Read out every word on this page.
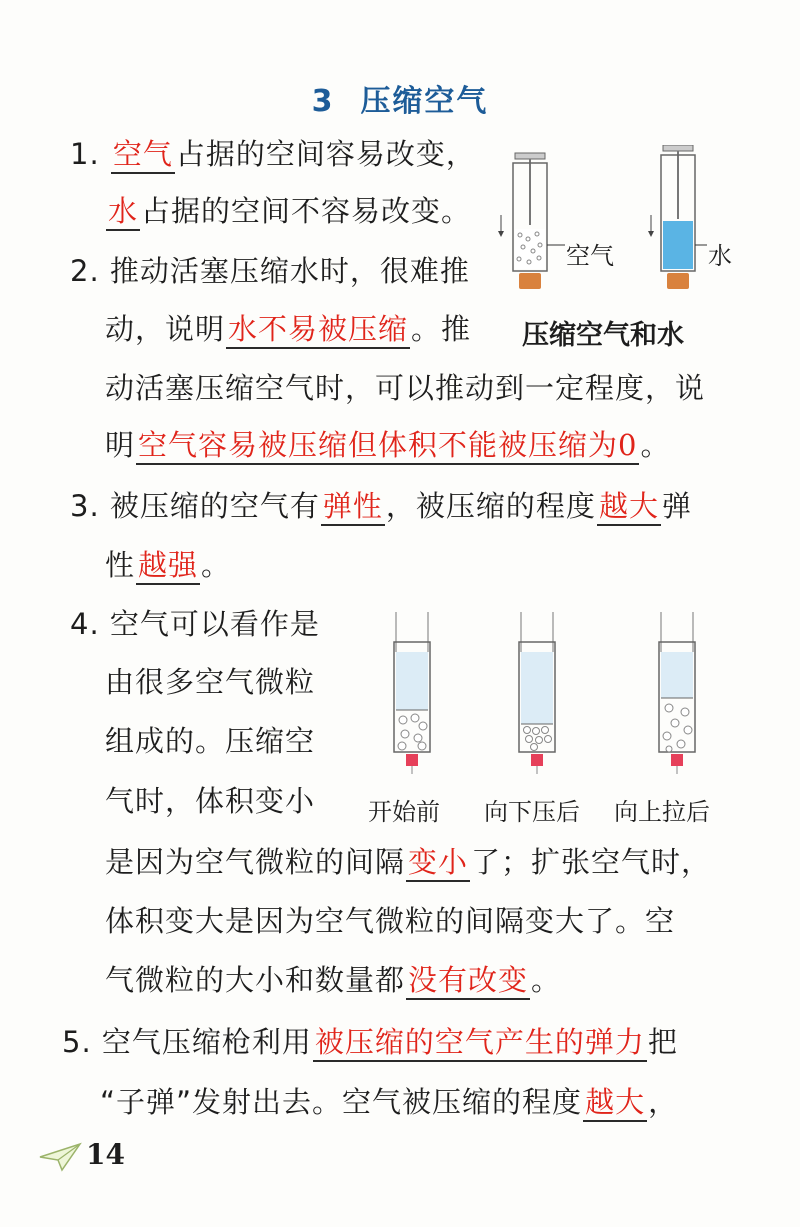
3 压缩空气
1. 空气 占据的空间容易改变，
水 占据的空间不容易改变。
2. 推动活塞压缩水时，很难推
动，说明 水不易被压缩 。推
动活塞压缩空气时，可以推动到一定程度，说
明 空气容易被压缩但体积不能被压缩为0 。
空气	水
压缩空气和水
3. 被压缩的空气有 弹性 ，被压缩的程度 越大 弹
性 越强 。
4. 空气可以看作是
由很多空气微粒
组成的。压缩空
气时，体积变小
是因为空气微粒的间隔 变小 了；扩张空气时，
体积变大是因为空气微粒的间隔变大了。空
气微粒的大小和数量都 没有改变 。
开始前 向下压后 向上拉后
5. 空气压缩枪利用 被压缩的空气产生的弹力 把
“子弹”发射出去。空气被压缩的程度 越大 ，
14
